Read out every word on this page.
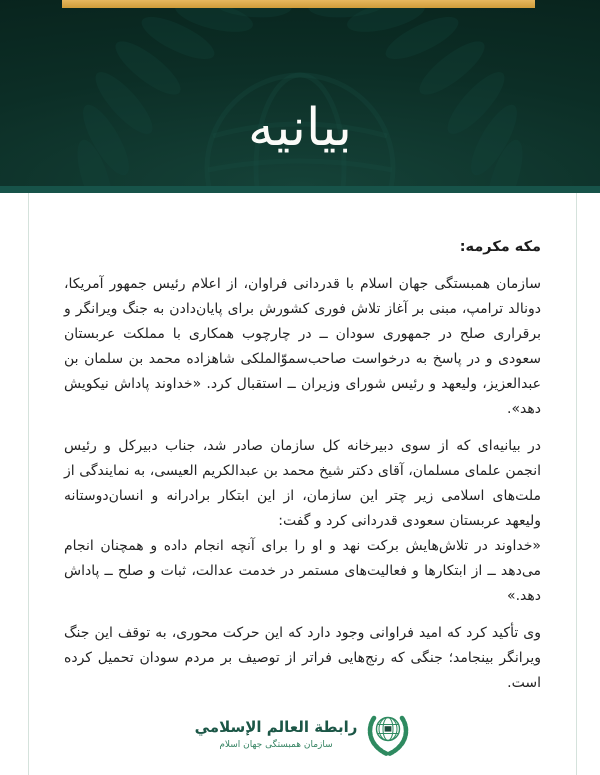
بيانيه

مکه مکرمه:

سازمان همبستگی جهان اسلام با قدردانی فراوان، از اعلام رئیس جمهور آمریکا، دونالد ترامپ، مبنی بر آغاز تلاش فوری کشورش برای پایان‌دادن به جنگ ویرانگر و برقراری صلح در جمهوری سودان ــ در چارچوب همکاری با مملکت عربستان سعودی و در پاسخ به درخواست صاحب‌سموّالملکی شاهزاده محمد بن سلمان بن عبدالعزیز، ولیعهد و رئیس شورای وزیران ــ استقبال کرد. «خداوند پاداش نیکویش دهد».

در بیانیه‌ای که از سوی دبیرخانه کل سازمان صادر شد، جناب دبیرکل و رئیس انجمن علمای مسلمان، آقای دکتر شیخ محمد بن عبدالکریم العیسی، به نمایندگی از ملت‌های اسلامی زیر چتر این سازمان، از این ابتکار برادرانه و انسان‌دوستانه ولیعهد عربستان سعودی قدردانی کرد و گفت:

«خداوند در تلاش‌هایش برکت نهد و او را برای آنچه انجام داده و همچنان انجام می‌دهد ــ از ابتکارها و فعالیت‌های مستمر در خدمت عدالت، ثبات و صلح ــ پاداش دهد.»

وی تأکید کرد که امید فراوانی وجود دارد که این حرکت محوری، به توقف این جنگ ویرانگر بینجامد؛ جنگی که رنج‌هایی فراتر از توصیف بر مردم سودان تحمیل کرده است.

رابطة العالم الإسلامي
سازمان همبستگی جهان اسلام
